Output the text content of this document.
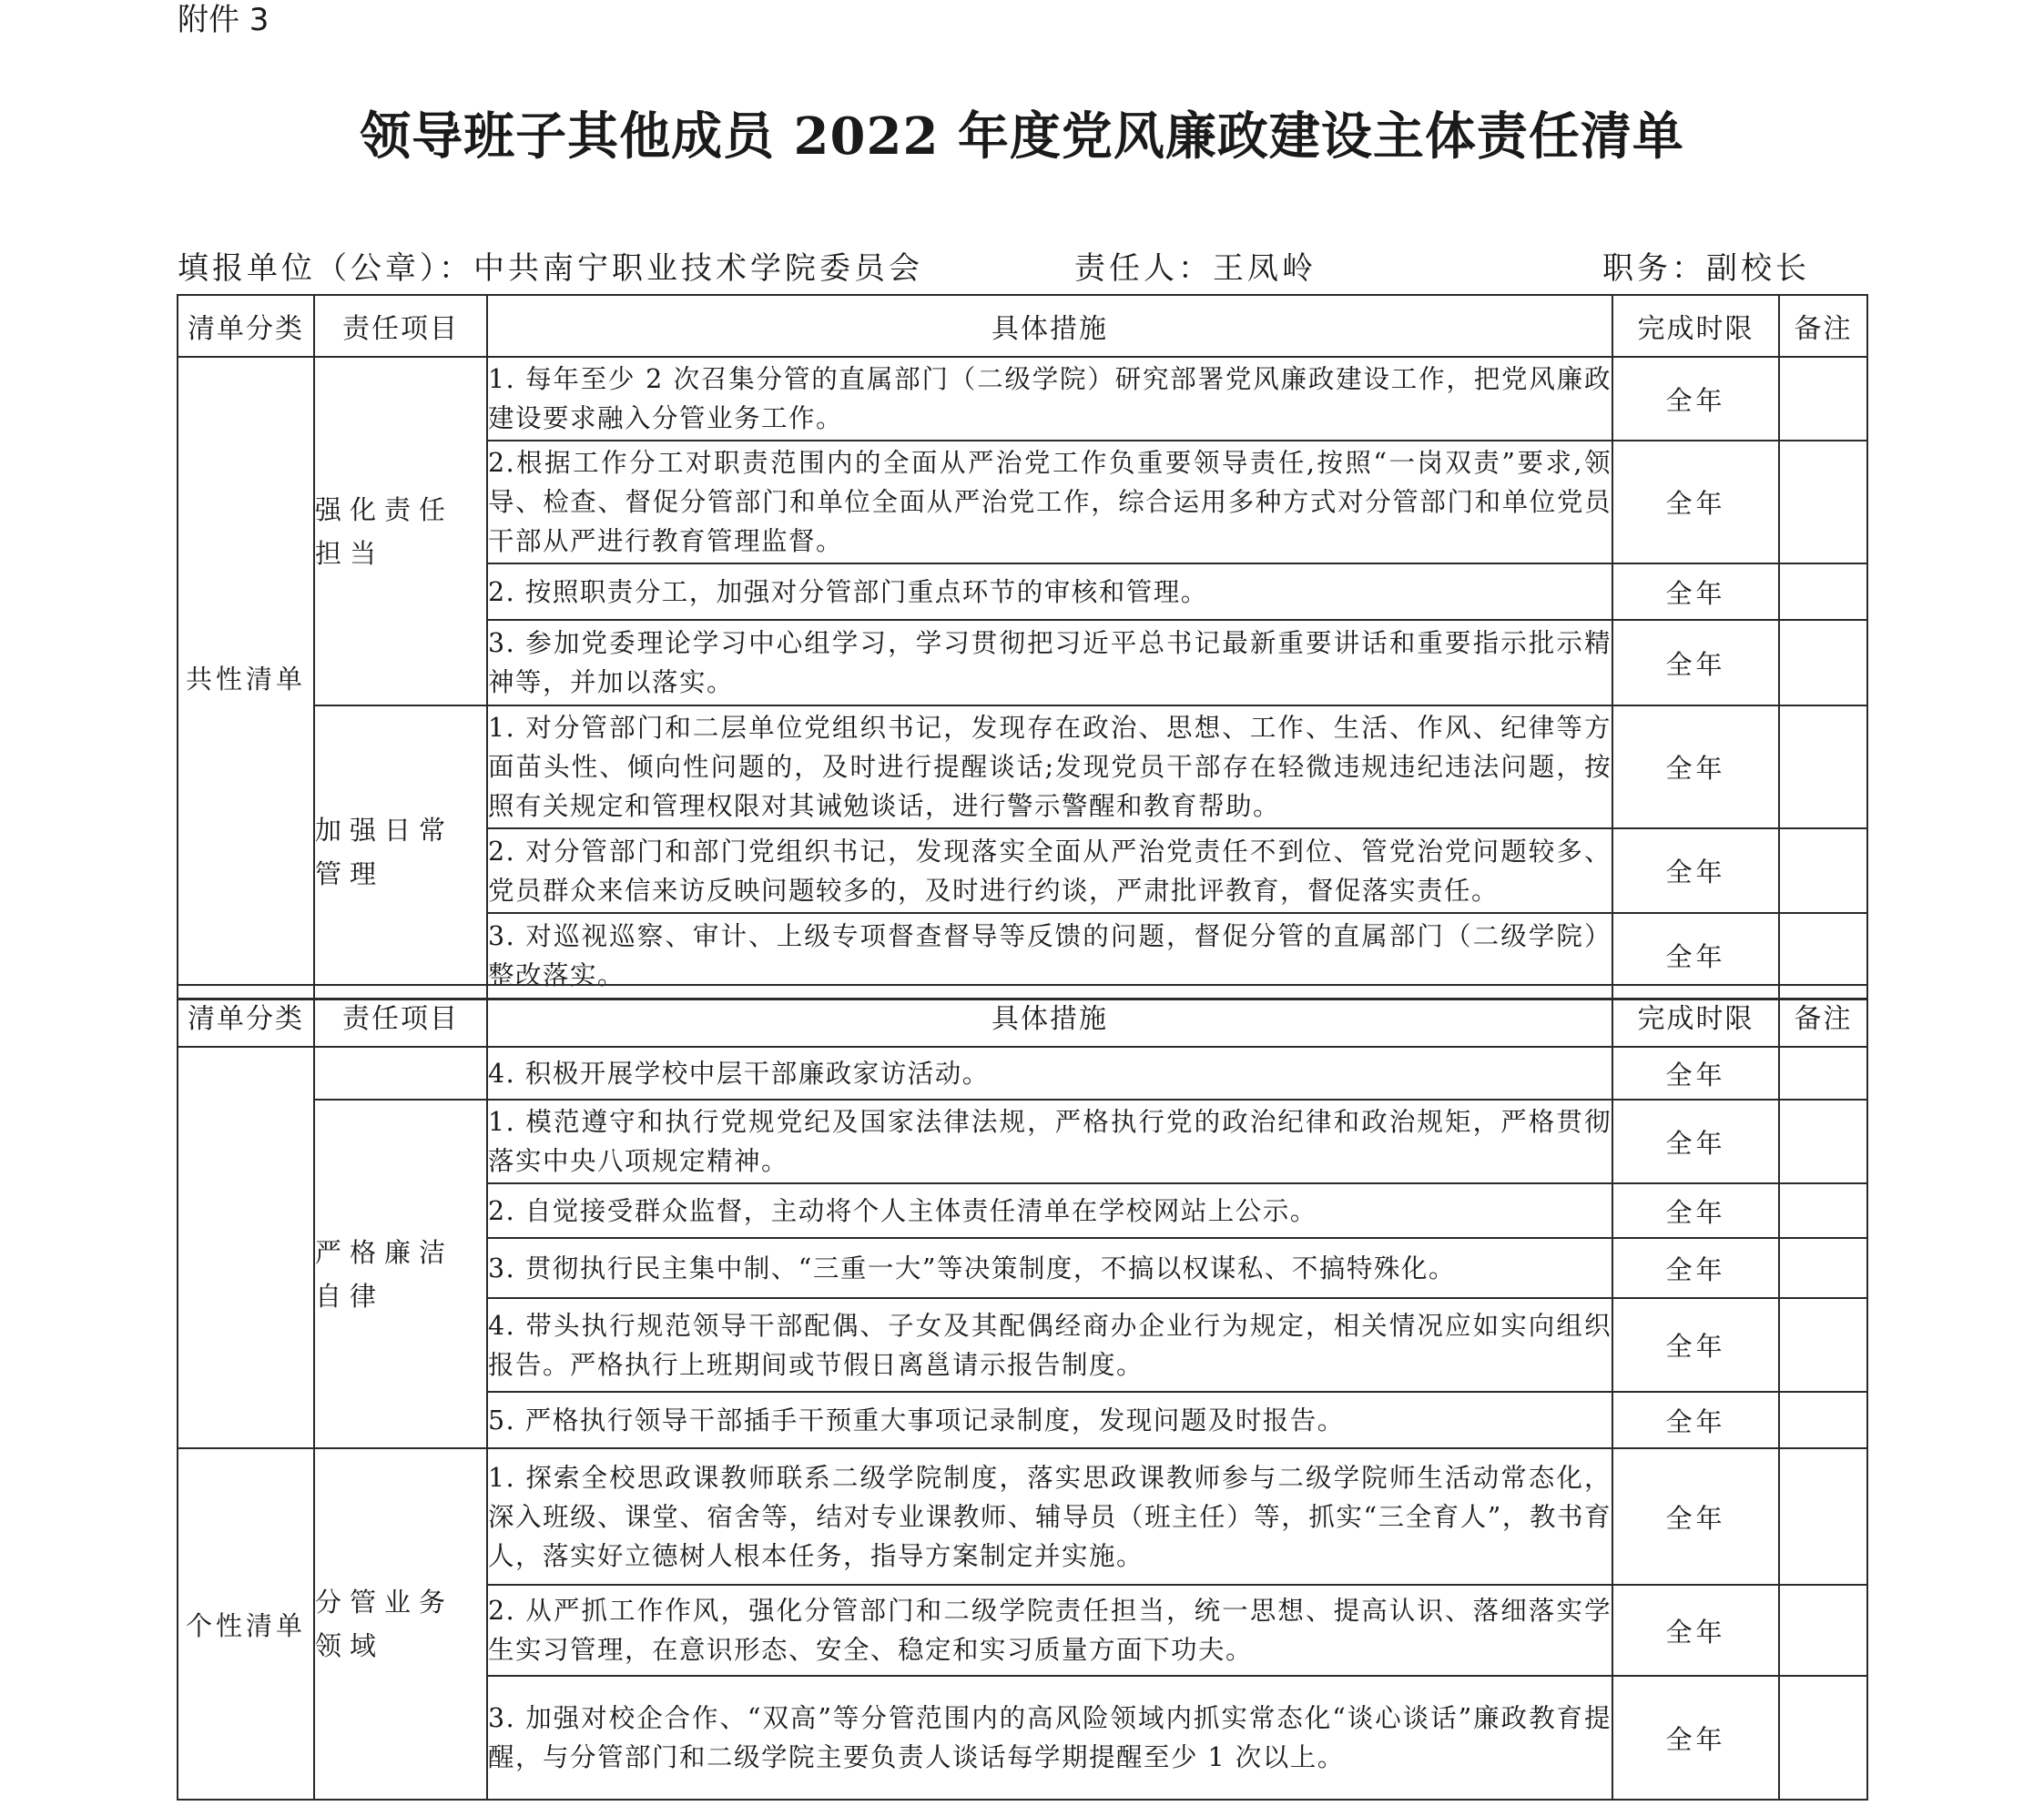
附件 3
领导班子其他成员 2022 年度党风廉政建设主体责任清单
填报单位（公章）：中共南宁职业技术学院委员会	责任人：王凤岭	职务：副校长
清单分类	责任项目	具体措施	完成时限	备注
共性清单	强化责任担当	1. 每年至少 2 次召集分管的直属部门（二级学院）研究部署党风廉政建设工作，把党风廉政建设要求融入分管业务工作。	全年	
		2.根据工作分工对职责范围内的全面从严治党工作负重要领导责任,按照“一岗双责”要求,领导、检查、督促分管部门和单位全面从严治党工作，综合运用多种方式对分管部门和单位党员干部从严进行教育管理监督。	全年	
		2. 按照职责分工，加强对分管部门重点环节的审核和管理。	全年	
		3. 参加党委理论学习中心组学习，学习贯彻把习近平总书记最新重要讲话和重要指示批示精神等，并加以落实。	全年	
	加强日常管理	1. 对分管部门和二层单位党组织书记，发现存在政治、思想、工作、生活、作风、纪律等方面苗头性、倾向性问题的，及时进行提醒谈话;发现党员干部存在轻微违规违纪违法问题，按照有关规定和管理权限对其诫勉谈话，进行警示警醒和教育帮助。	全年	
		2. 对分管部门和部门党组织书记，发现落实全面从严治党责任不到位、管党治党问题较多、党员群众来信来访反映问题较多的，及时进行约谈，严肃批评教育，督促落实责任。	全年	
		3. 对巡视巡察、审计、上级专项督查督导等反馈的问题，督促分管的直属部门（二级学院）整改落实。	全年	
清单分类	责任项目	具体措施	完成时限	备注
		4. 积极开展学校中层干部廉政家访活动。	全年	
	严格廉洁自律	1. 模范遵守和执行党规党纪及国家法律法规，严格执行党的政治纪律和政治规矩，严格贯彻落实中央八项规定精神。	全年	
		2. 自觉接受群众监督，主动将个人主体责任清单在学校网站上公示。	全年	
		3. 贯彻执行民主集中制、“三重一大”等决策制度，不搞以权谋私、不搞特殊化。	全年	
		4. 带头执行规范领导干部配偶、子女及其配偶经商办企业行为规定，相关情况应如实向组织报告。严格执行上班期间或节假日离邕请示报告制度。	全年	
		5. 严格执行领导干部插手干预重大事项记录制度，发现问题及时报告。	全年	
个性清单	分管业务领域	1. 探索全校思政课教师联系二级学院制度，落实思政课教师参与二级学院师生活动常态化，深入班级、课堂、宿舍等，结对专业课教师、辅导员（班主任）等，抓实“三全育人”，教书育人，落实好立德树人根本任务，指导方案制定并实施。	全年	
		2. 从严抓工作作风，强化分管部门和二级学院责任担当，统一思想、提高认识、落细落实学生实习管理，在意识形态、安全、稳定和实习质量方面下功夫。	全年	
		3. 加强对校企合作、“双高”等分管范围内的高风险领域内抓实常态化“谈心谈话”廉政教育提醒，与分管部门和二级学院主要负责人谈话每学期提醒至少 1 次以上。	全年	
